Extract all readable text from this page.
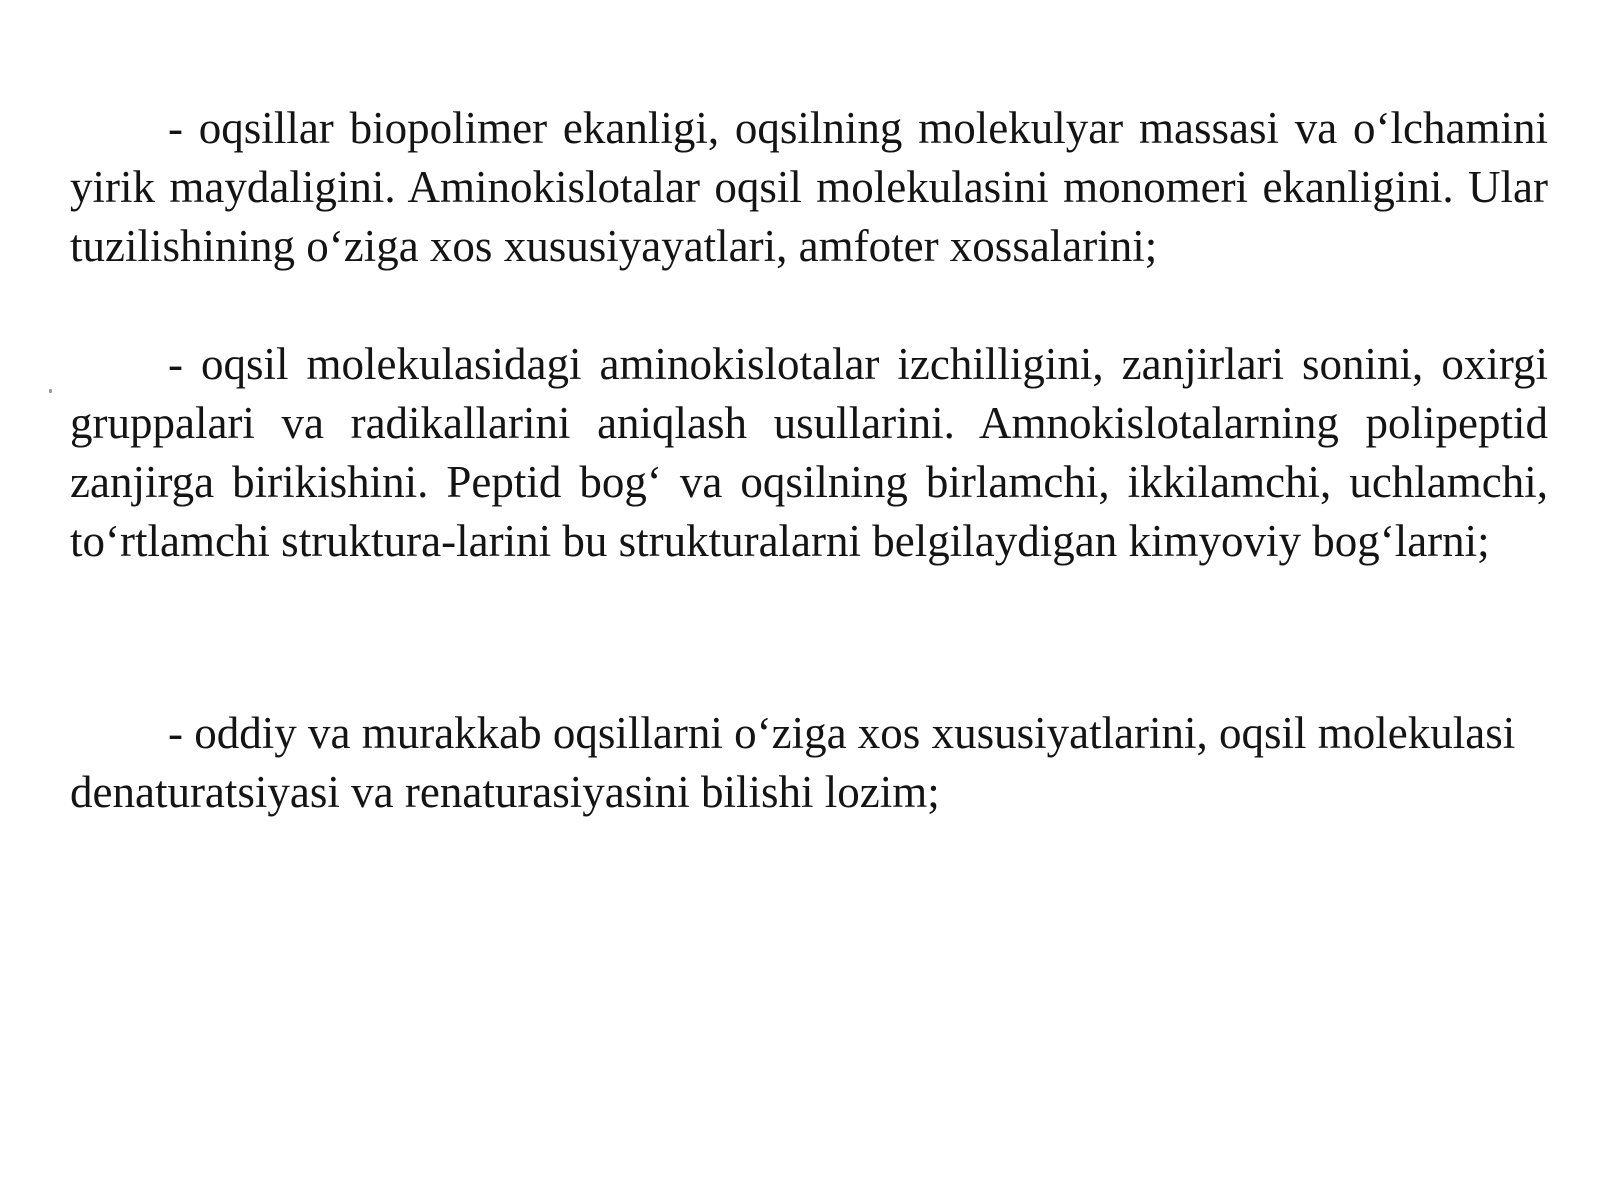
- oqsillar biopolimer ekanligi, oqsilning molekulyar massasi va o‘lchamini yirik maydaligini. Aminokislotalar oqsil molekulasini monomeri ekanligini. Ular tuzilishining o‘ziga xos xususiyayatlari, amfoter xossalarini;

- oqsil molekulasidagi aminokislotalar izchilligini, zanjirlari sonini, oxirgi gruppalari va radikallarini aniqlash usullarini. Amnokislotalarning polipeptid zanjirga birikishini. Peptid bog‘ va oqsilning birlamchi, ikkilamchi, uchlamchi, to‘rtlamchi struktura-larini bu strukturalarni belgilaydigan kimyoviy bog‘larni;

- oddiy va murakkab oqsillarni o‘ziga xos xususiyatlarini, oqsil molekulasi denaturatsiyasi va renaturasiyasini bilishi lozim;
